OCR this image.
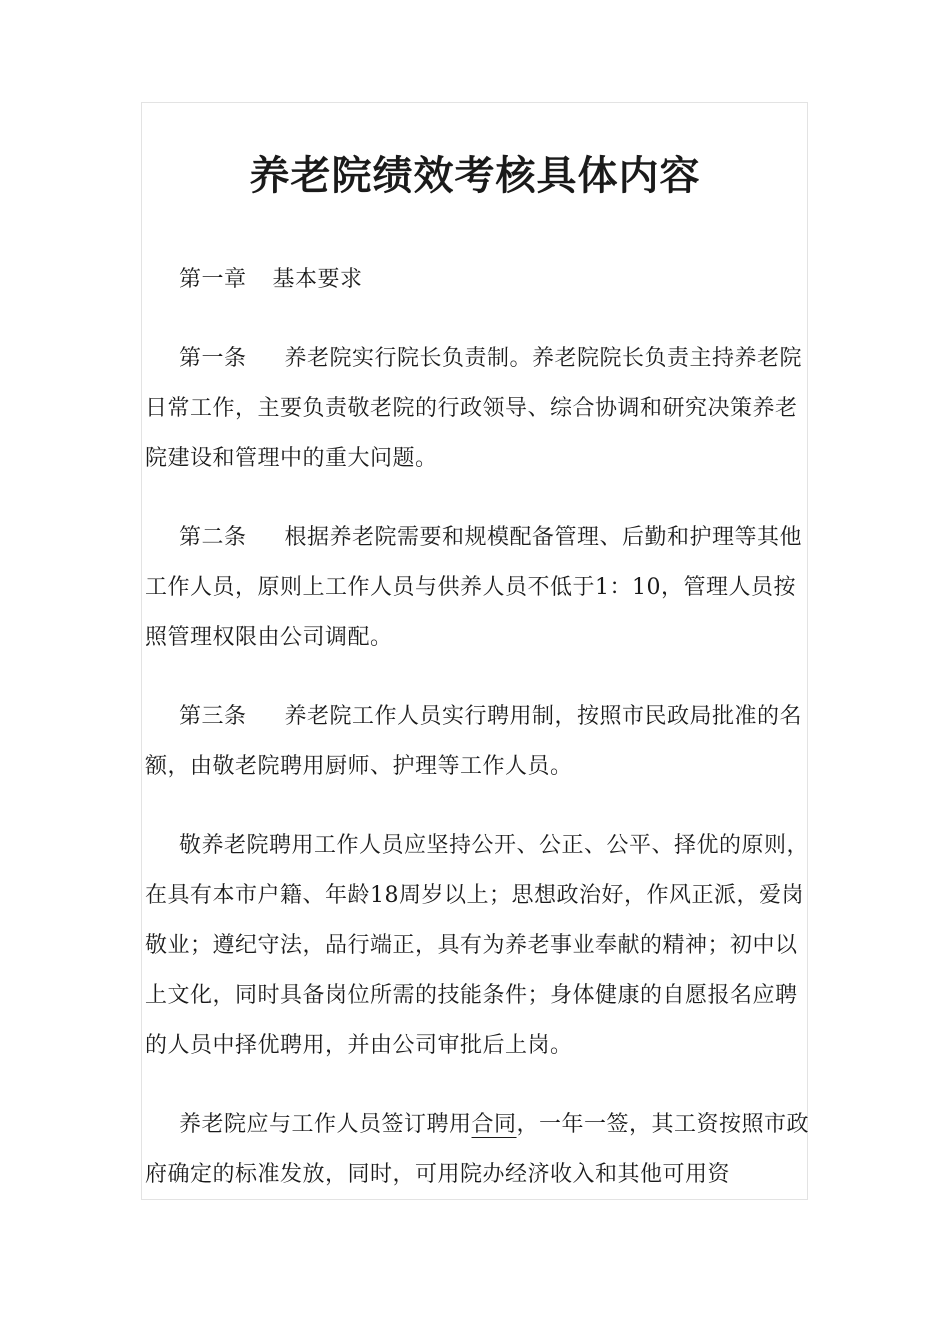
养老院绩效考核具体内容

第一章 基本要求

第一条 养老院实行院长负责制。养老院院长负责主持养老院日常工作，主要负责敬老院的行政领导、综合协调和研究决策养老院建设和管理中的重大问题。

第二条 根据养老院需要和规模配备管理、后勤和护理等其他工作人员，原则上工作人员与供养人员不低于1：10，管理人员按照管理权限由公司调配。

第三条 养老院工作人员实行聘用制，按照市民政局批准的名额，由敬老院聘用厨师、护理等工作人员。

敬养老院聘用工作人员应坚持公开、公正、公平、择优的原则，在具有本市户籍、年龄18周岁以上；思想政治好，作风正派，爱岗敬业；遵纪守法，品行端正，具有为养老事业奉献的精神；初中以上文化，同时具备岗位所需的技能条件；身体健康的自愿报名应聘的人员中择优聘用，并由公司审批后上岗。

养老院应与工作人员签订聘用合同，一年一签，其工资按照市政府确定的标准发放，同时，可用院办经济收入和其他可用资
